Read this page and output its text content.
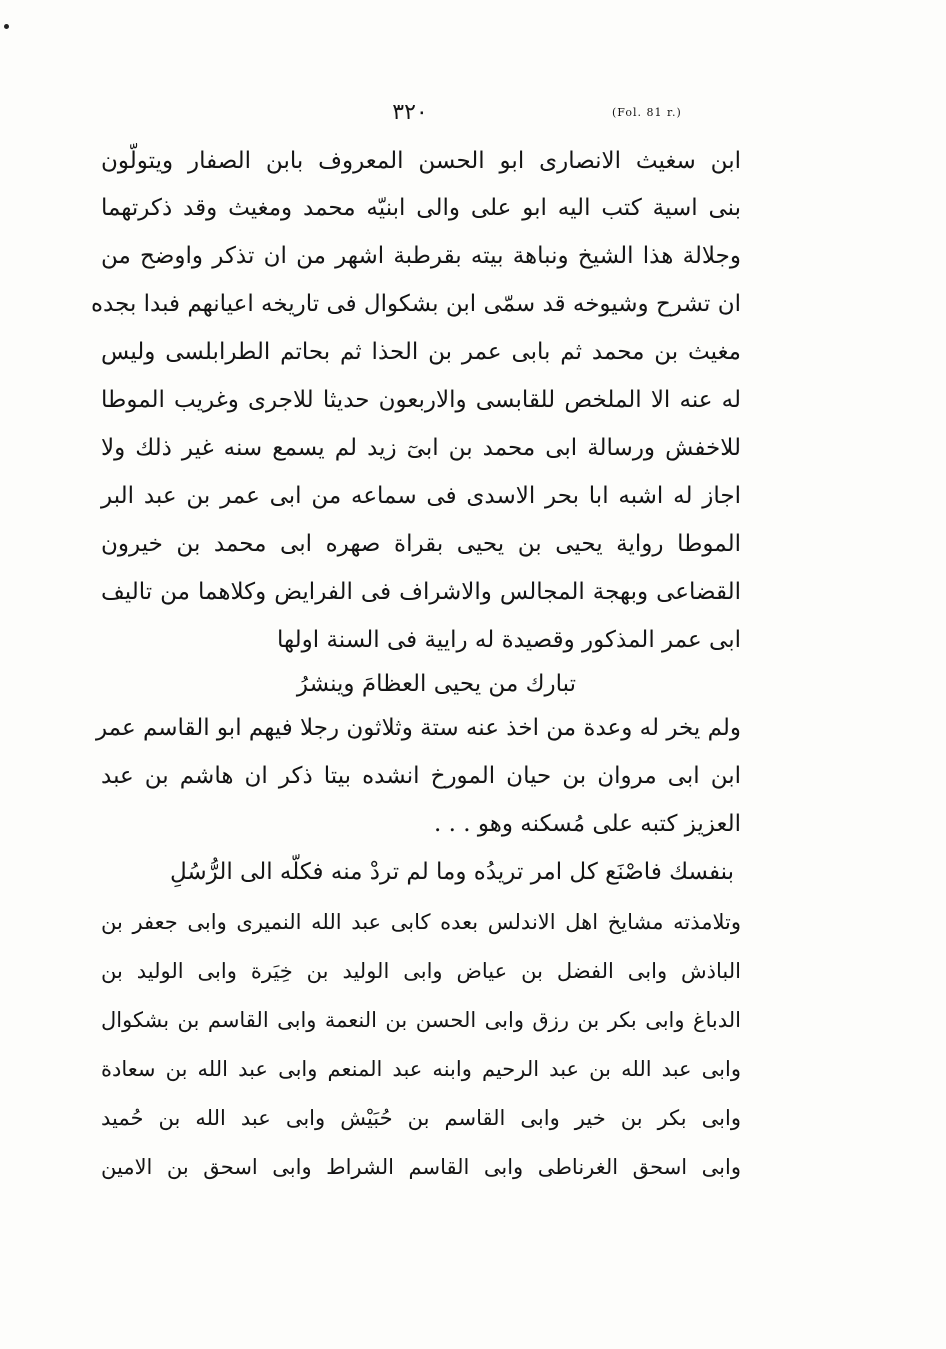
۳۲۰	(Fol. 81 r.)
ابن سغيث الانصاری ابو الحسن المعروف بابن الصفار ويتولّون
بنی اسية كتب اليه ابو علی والی ابنيّه محمد ومغيث وقد ذكرتهما
وجلالة هذا الشيخ ونباهة بيته بقرطبة اشهر من ان تذكر واوضح من
ان تشرح وشيوخه قد سمّی ابن بشكوال فی تاريخه اعيانهم فبدا بجده
مغيث بن محمد ثم بابی عمر بن الحذا ثم بحاتم الطرابلسی وليس
له عنه الا الملخص للقابسی والاربعون حديثا للاجری وغريب الموطا
للاخفش ورسالة ابی محمد بن ابیٓ زيد لم يسمع سنه غير ذلك ولا
اجاز له اشبه ابا بحر الاسدی فی سماعه من ابی عمر بن عبد البر
الموطا رواية يحيی بن يحيی بقراة صهره ابی محمد بن خيرون
القضاعی وبهجة المجالس والاشراف فی الفرايض وكلاهما من تاليف
ابی عمر المذكور وقصيدة له رايية فی السنة اولها
تبارك من يحيی العظامَ وينشرُ
ولم يخر له وعدة من اخذ عنه ستة وثلاثون رجلا فيهم ابو القاسم عمر
ابن ابی مروان بن حيان المورخ انشده بيتا ذكر ان هاشم بن عبد
العزيز كتبه علی مُسكنه وهو . . .
بنفسك فاصْنَع كل امر تريدُه وما لم تردْ منه فكلّه الی الرُّسُلِ
وتلامذته مشايخ اهل الاندلس بعده كابی عبد الله النميری وابی جعفر بن
الباذش وابی الفضل بن عياض وابی الوليد بن خِيَرة وابی الوليد بن
الدباغ وابی بكر بن رزق وابی الحسن بن النعمة وابی القاسم بن بشكوال
وابی عبد الله بن عبد الرحيم وابنه عبد المنعم وابی عبد الله بن سعادة
وابی بكر بن خير وابی القاسم بن حُبَيْش وابی عبد الله بن حُميد
وابی اسحق الغرناطی وابی القاسم الشراط وابی اسحق بن الامين
